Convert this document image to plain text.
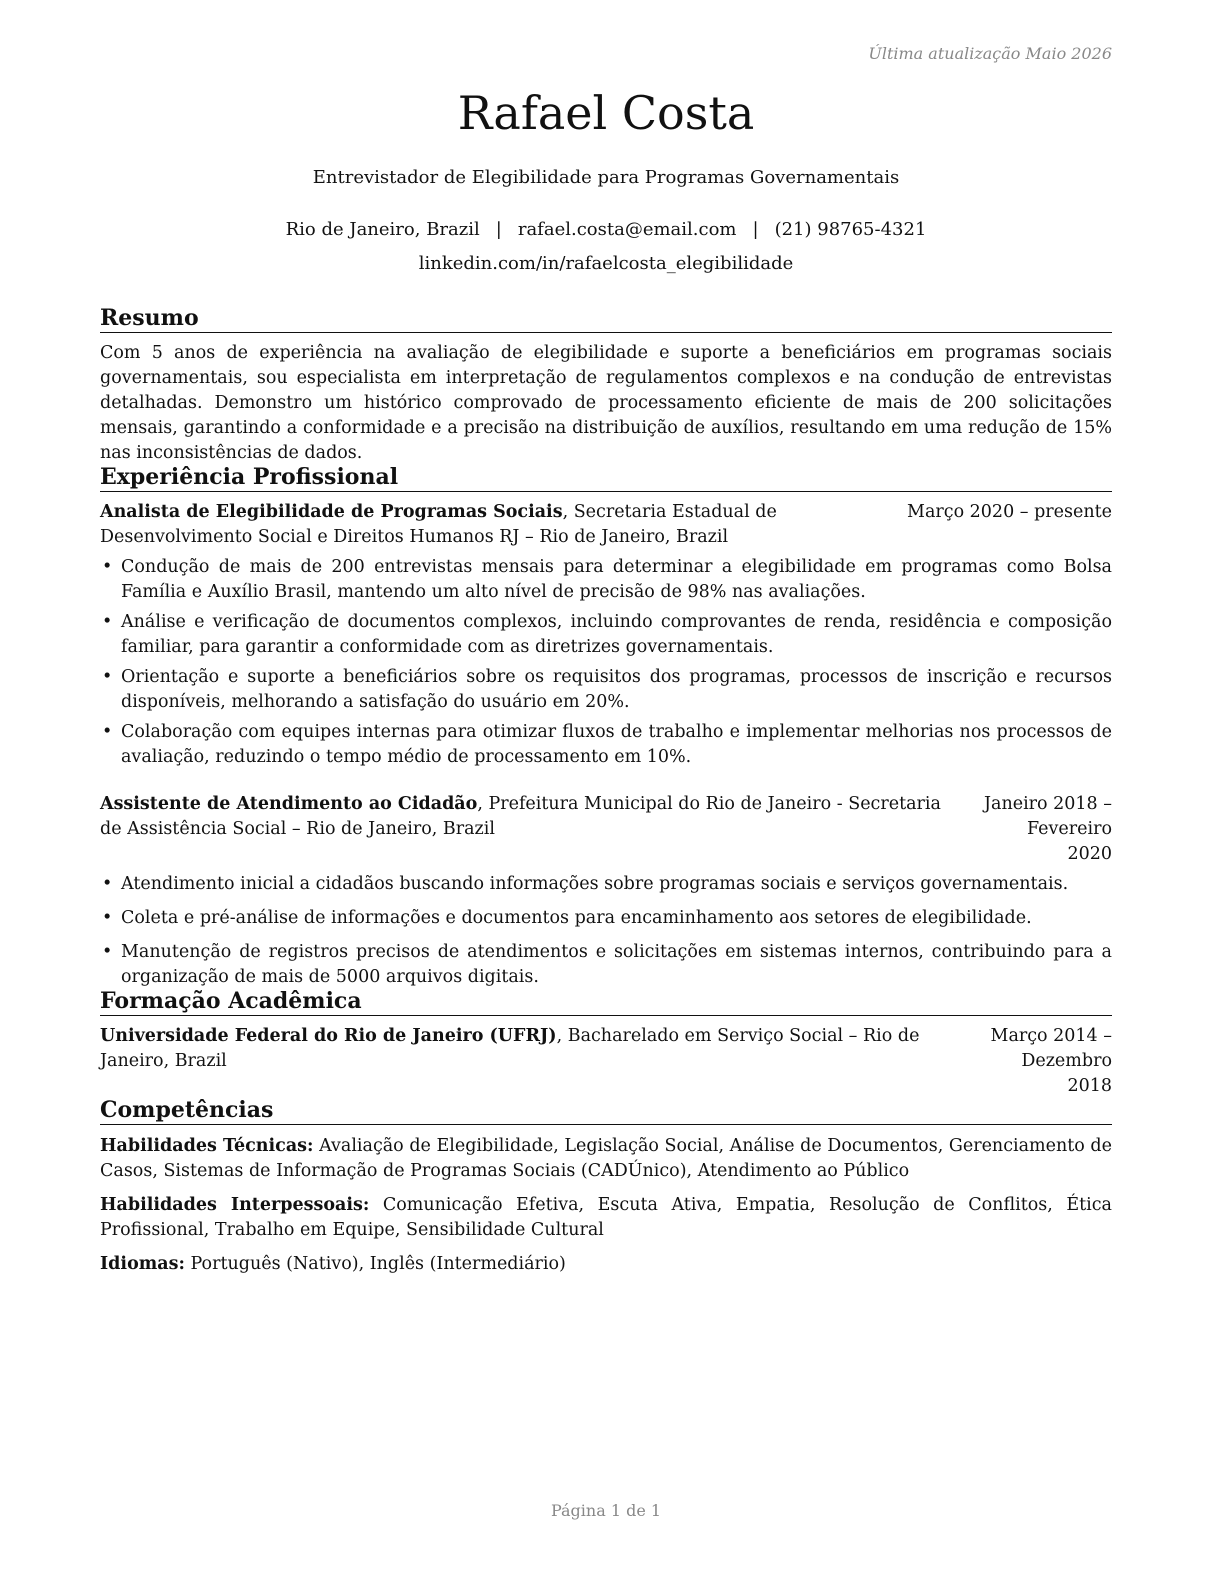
Última atualização Maio 2026
Rafael Costa
Entrevistador de Elegibilidade para Programas Governamentais
Rio de Janeiro, Brazil | rafael.costa@email.com | (21) 98765-4321
linkedin.com/in/rafaelcosta_elegibilidade
Resumo

Com 5 anos de experiência na avaliação de elegibilidade e suporte a beneficiários em programas sociais governamentais, sou especialista em interpretação de regulamentos complexos e na condução de entrevistas detalhadas. Demonstro um histórico comprovado de processamento eficiente de mais de 200 solicitações mensais, garantindo a conformidade e a precisão na distribuição de auxílios, resultando em uma redução de 15% nas inconsistências de dados.

Experiência Profissional
Analista de Elegibilidade de Programas Sociais, Secretaria Estadual de Desenvolvimento Social e Direitos Humanos RJ – Rio de Janeiro, Brazil
Março 2020 – presente
• Condução de mais de 200 entrevistas mensais para determinar a elegibilidade em programas como Bolsa Família e Auxílio Brasil, mantendo um alto nível de precisão de 98% nas avaliações.
• Análise e verificação de documentos complexos, incluindo comprovantes de renda, residência e composição familiar, para garantir a conformidade com as diretrizes governamentais.
• Orientação e suporte a beneficiários sobre os requisitos dos programas, processos de inscrição e recursos disponíveis, melhorando a satisfação do usuário em 20%.
• Colaboração com equipes internas para otimizar fluxos de trabalho e implementar melhorias nos processos de avaliação, reduzindo o tempo médio de processamento em 10%.
Assistente de Atendimento ao Cidadão, Prefeitura Municipal do Rio de Janeiro - Secretaria de Assistência Social – Rio de Janeiro, Brazil
Janeiro 2018 – Fevereiro 2020
• Atendimento inicial a cidadãos buscando informações sobre programas sociais e serviços governamentais.
• Coleta e pré-análise de informações e documentos para encaminhamento aos setores de elegibilidade.
• Manutenção de registros precisos de atendimentos e solicitações em sistemas internos, contribuindo para a organização de mais de 5000 arquivos digitais.
Formação Acadêmica
Universidade Federal do Rio de Janeiro (UFRJ), Bacharelado em Serviço Social – Rio de Janeiro, Brazil
Março 2014 – Dezembro 2018
Competências
Habilidades Técnicas: Avaliação de Elegibilidade, Legislação Social, Análise de Documentos, Gerenciamento de Casos, Sistemas de Informação de Programas Sociais (CADÚnico), Atendimento ao Público
Habilidades Interpessoais: Comunicação Efetiva, Escuta Ativa, Empatia, Resolução de Conflitos, Ética Profissional, Trabalho em Equipe, Sensibilidade Cultural
Idiomas: Português (Nativo), Inglês (Intermediário)
Página 1 de 1
